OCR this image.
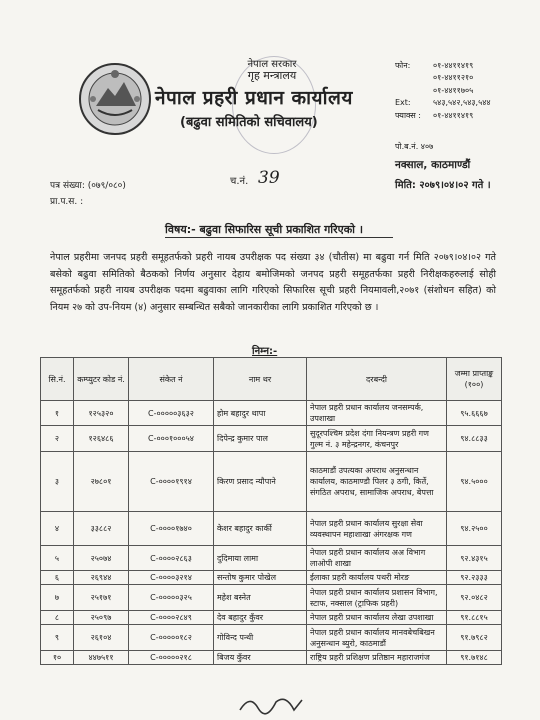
नेपाल सरकार
गृह मन्त्रालय
नेपाल प्रहरी प्रधान कार्यालय
(बढुवा समितिको सचिवालय)
फोन:	०१-४४११४१९
०१-४४११२१०
०१-४४११७०५
Ext:	५४३,५४२,५४३,५४४
फ्याक्स :	०१-४४११४१९
पो.ब.नं. ४०७
नक्साल, काठमाण्डौं
मिति: २०७९।०४।०२ गते ।
पत्र संख्या: (०७९/०८०)
प्रा.प.स. :
च.नं. 39
विषय:- बढुवा सिफारिस सूची प्रकाशित गरिएको ।
नेपाल प्रहरीमा जनपद प्रहरी समूहतर्फको प्रहरी नायब उपरीक्षक पद संख्या ३४ (चौतीस) मा बढुवा गर्न मिति २०७९।०४।०२ गते बसेको बढुवा समितिको बैठकको निर्णय अनुसार देहाय बमोजिमको जनपद प्रहरी समूहतर्फका प्रहरी निरीक्षकहरुलाई सोही समूहतर्फको प्रहरी नायब उपरीक्षक पदमा बढुवाका लागि गरिएको सिफारिस सूची प्रहरी नियमावली,२०७१ (संशोधन सहित) को नियम २७ को उप-नियम (४) अनुसार सम्बन्धित सबैको जानकारीका लागि प्रकाशित गरिएको छ ।
निम्न:-
सि.नं.	कम्प्युटर कोड नं.	संकेत नं	नाम थर	दरबन्दी	जम्मा प्राप्ताङ्क (१००)
१	१२५३२०	C-०००००३६३२	होम बहादुर थापा	नेपाल प्रहरी प्रधान कार्यालय जनसम्पर्क, उपशाखा	९५.६६६७
२	१२६४८६	C-०००१०००५४	दिपेन्द्र कुमार पाल	सुदूरपश्चिम प्रदेश दंगा नियन्त्रण प्रहरी गण गुल्म नं. ३ महेन्द्रनगर, कंचनपुर	९४.८८३३
३	२७८०१	C-००००१९१४	किरण प्रसाद न्यौपाने	काठमाडौं उपत्यका अपराध अनुसन्धान कार्यालय, काठमाण्डौ पिलर ३ ठगी, किर्ते, संगठित अपराध, सामाजिक अपराध, बेपत्ता	९४.५०००
४	३३८८२	C-००००१७४०	केशर बहादुर कार्की	नेपाल प्रहरी प्रधान कार्यालय सुरक्षा सेवा व्यवस्थापन महाशाखा अंगरक्षक गण	९४.२५००
५	२५०७४	C-००००२८६३	दुदिमाया लामा	नेपाल प्रहरी प्रधान कार्यालय अअ विभाग लाओपी शाखा	९२.४३१५
६	२६९४४	C-००००३२१४	सन्तोष कुमार पोखेल	ईलाका प्रहरी कार्यालय पथरी मोरङ	९२.२३३३
७	२५१७१	C-०००००३२५	महेश बस्नेत	नेपाल प्रहरी प्रधान कार्यालय प्रशासन विभाग, स्टाफ, नक्साल (ट्राफिक प्रहरी)	९२.०४८२
८	२५०९७	C-००००२८४९	देव बहादुर कुँवर	नेपाल प्रहरी प्रधान कार्यालय लेखा उपशाखा	९१.८८१५
९	२६१०४	C-०००००१८२	गोविन्द पन्थी	नेपाल प्रहरी प्रधान कार्यालय मानवबेचबिखन अनुसन्धान ब्युरो, काठमाडौं	९१.७९८२
१०	४४७५११	C-०००००२१८	बिजय कुँवर	राष्ट्रिय प्रहरी प्रशिक्षण प्रतिष्ठान महाराजगंज	९१.७१४८
